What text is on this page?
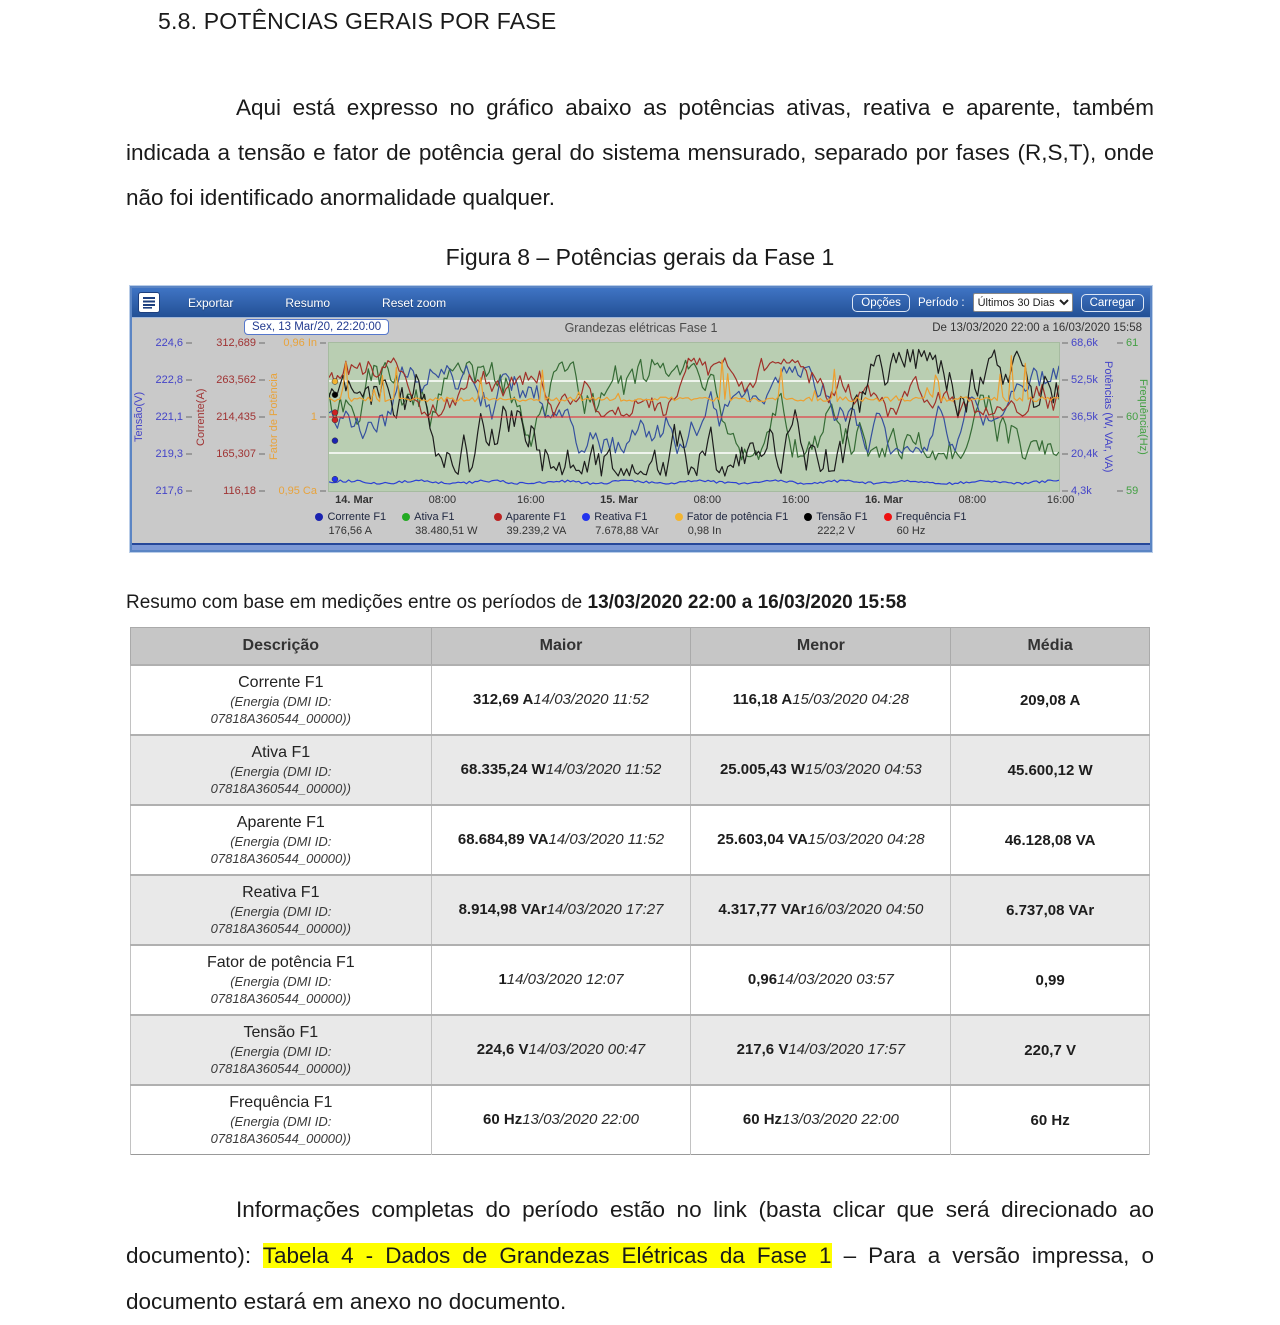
5.8. POTÊNCIAS GERAIS POR FASE

Aqui está expresso no gráfico abaixo as potências ativas, reativa e aparente, também indicada a tensão e fator de potência geral do sistema mensurado, separado por fases (R,S,T), onde não foi identificado anormalidade qualquer.

Figura 8 – Potências gerais da Fase 1
Exportar	Resumo	Reset zoom	Opções	Período :
Últimos 30 Dias	Carregar
Sex, 13 Mar/20, 22:20:00	Grandezas elétricas Fase 1	De 13/03/2020 22:00 a 16/03/2020 15:58
Tensão(V)
224,6
222,8
221,1
219,3
217,6
Corrente(A)
312,689
263,562
214,435
165,307
116,18
Fator de Potência
0,96 In
1
0,95 Ca
68,6k
52,5k
36,5k
20,4k
4,3k
Potências (W, VAr, VA)
61
60
59
Frequência(Hz)
14. Mar	08:00	16:00	15. Mar	08:00	16:00	16. Mar	08:00	16:00
Corrente F1
176,56 A
Ativa F1
38.480,51 W
Aparente F1
39.239,2 VA
Reativa F1
7.678,88 VAr
Fator de potência F1
0,98 In
Tensão F1
222,2 V
Frequência F1
60 Hz

Resumo com base em medições entre os períodos de 13/03/2020 22:00 a 16/03/2020 15:58

Descrição	Maior	Menor	Média

Corrente F1
(Energia (DMI ID: 07818A360544_00000))	312,69 A14/03/2020 11:52	116,18 A15/03/2020 04:28	209,08 A

Ativa F1
(Energia (DMI ID: 07818A360544_00000))	68.335,24 W14/03/2020 11:52	25.005,43 W15/03/2020 04:53	45.600,12 W

Aparente F1
(Energia (DMI ID: 07818A360544_00000))	68.684,89 VA14/03/2020 11:52	25.603,04 VA15/03/2020 04:28	46.128,08 VA

Reativa F1
(Energia (DMI ID: 07818A360544_00000))	8.914,98 VAr14/03/2020 17:27	4.317,77 VAr16/03/2020 04:50	6.737,08 VAr

Fator de potência F1
(Energia (DMI ID: 07818A360544_00000))	114/03/2020 12:07	0,9614/03/2020 03:57	0,99

Tensão F1
(Energia (DMI ID: 07818A360544_00000))	224,6 V14/03/2020 00:47	217,6 V14/03/2020 17:57	220,7 V

Frequência F1
(Energia (DMI ID: 07818A360544_00000))	60 Hz13/03/2020 22:00	60 Hz13/03/2020 22:00	60 Hz

Informações completas do período estão no link (basta clicar que será direcionado ao documento): Tabela 4 - Dados de Grandezas Elétricas da Fase 1 – Para a versão impressa, o documento estará em anexo no documento.
